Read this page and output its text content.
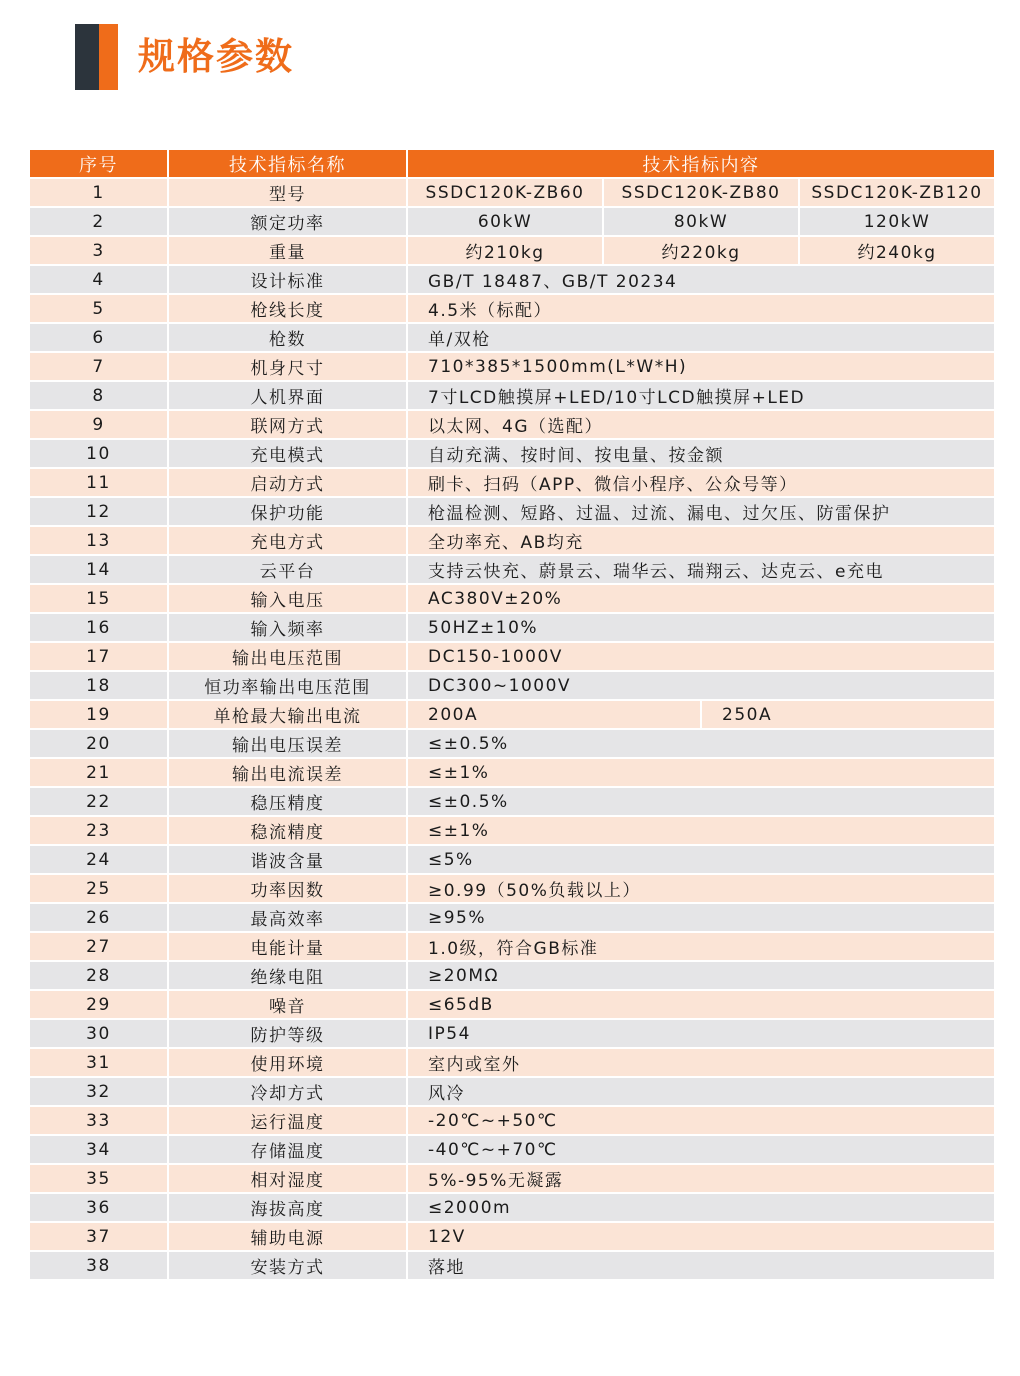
规格参数
序号	技术指标名称	技术指标内容			
1	型号	SSDC120K-ZB60	SSDC120K-ZB80		SSDC120K-ZB120
2	额定功率	60kW	80kW		120kW
3	重量	约210kg	约220kg		约240kg
4	设计标准	GB/T 18487、GB/T 20234			
5	枪线长度	4.5米（标配）			
6	枪数	单/双枪			
7	机身尺寸	710*385*1500mm(L*W*H)			
8	人机界面	7寸LCD触摸屏+LED/10寸LCD触摸屏+LED			
9	联网方式	以太网、4G（选配）			
10	充电模式	自动充满、按时间、按电量、按金额			
11	启动方式	刷卡、扫码（APP、微信小程序、公众号等）			
12	保护功能	枪温检测、短路、过温、过流、漏电、过欠压、防雷保护			
13	充电方式	全功率充、AB均充			
14	云平台	支持云快充、蔚景云、瑞华云、瑞翔云、达克云、e充电			
15	输入电压	AC380V±20%			
16	输入频率	50HZ±10%			
17	输出电压范围	DC150-1000V			
18	恒功率输出电压范围	DC300~1000V			
19	单枪最大输出电流	200A		250A	
20	输出电压误差	≤±0.5%			
21	输出电流误差	≤±1%			
22	稳压精度	≤±0.5%			
23	稳流精度	≤±1%			
24	谐波含量	≤5%			
25	功率因数	≥0.99（50%负载以上）			
26	最高效率	≥95%			
27	电能计量	1.0级，符合GB标准			
28	绝缘电阻	≥20MΩ			
29	噪音	≤65dB			
30	防护等级	IP54			
31	使用环境	室内或室外			
32	冷却方式	风冷			
33	运行温度	-20℃~+50℃			
34	存储温度	-40℃~+70℃			
35	相对湿度	5%-95%无凝露			
36	海拔高度	≤2000m			
37	辅助电源	12V			
38	安装方式	落地			
